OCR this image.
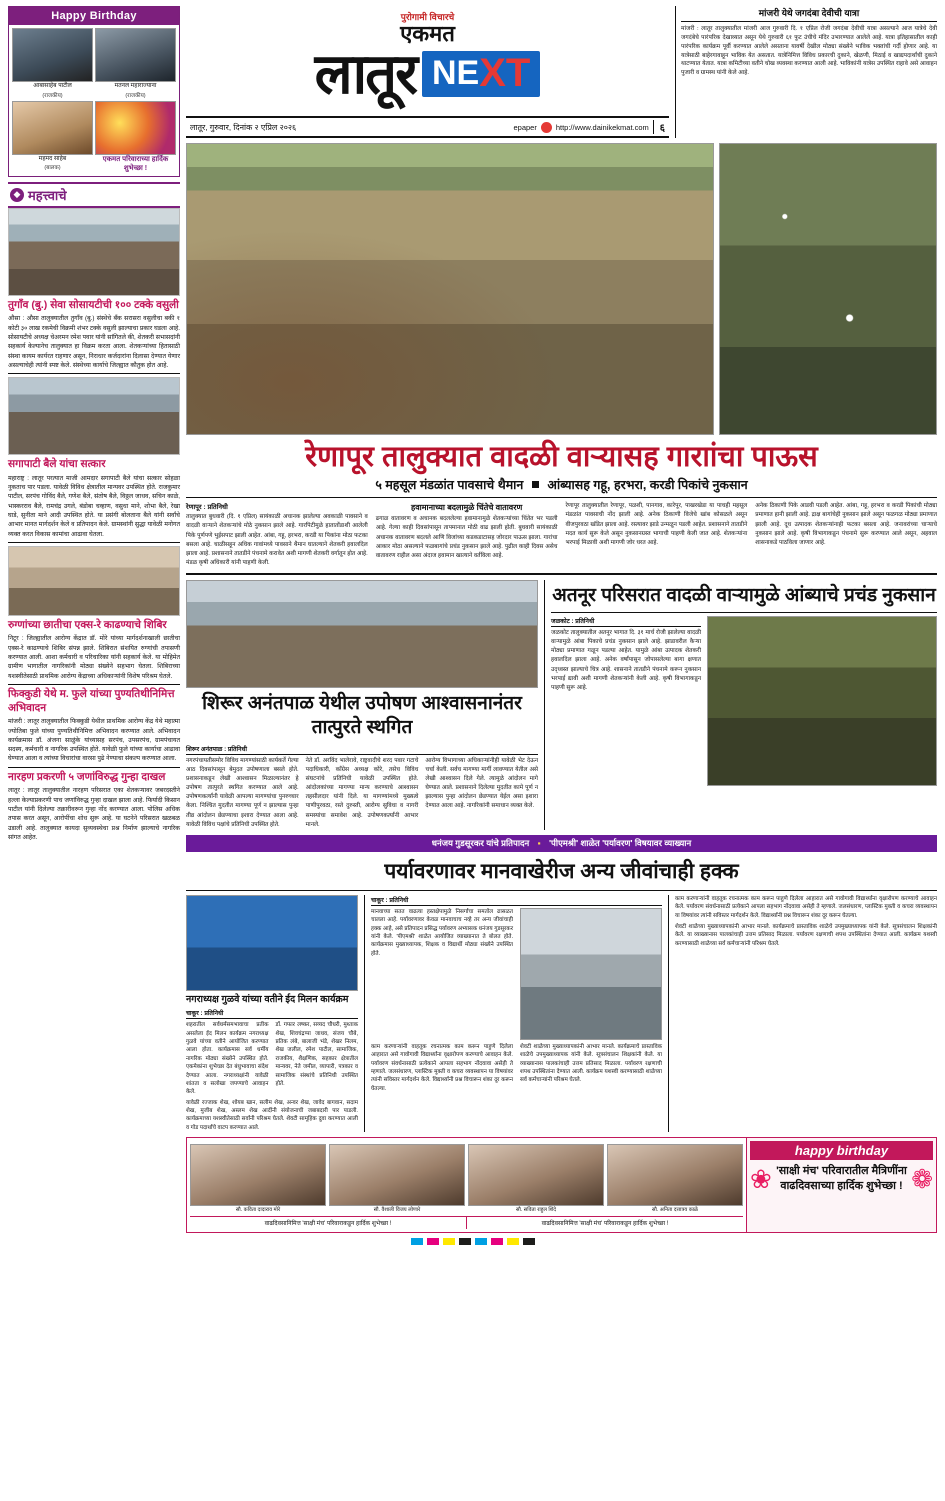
Happy Birthday
आबासाहेब पाटील
(राजकीय)
मतनल महाराज्याना
(राजकीय)
महमद साहेब
(बालक)
एकमत परिवाराच्या हार्दिक शुभेच्छा !
◆ महत्त्वाचे
तुगाँव (बु.) सेवा सोसायटीची १०० टक्के वसुली
औसा : औसा तालुक्यातील तुगाँव (बु.) संस्थेचे बँक सरासरा वसुलीचा बकी १ कोटी ३० लाख रकमेची विक्रमी शंभर टक्के वसुली झाल्याचा प्रकार घडला आहे. सोसायटीचे अध्यक्ष चेअरमन रमेश पवार यांनी सांगितले की, शेतकरी सभासदांनी सहकार्य केल्यानेच तालुक्यात हा विक्रम करता आला. शेतकऱ्यांच्या हितासाठी संस्था कायम कार्यरत राहणार असून, निराधार कर्जदारांना दिलासा देण्यात येणार असल्याचेही त्यांनी स्पष्ट केले. संस्थेच्या कार्याचे जिल्ह्यात कौतुक होत आहे.
सगापाटी बैले यांचा सत्कार
महाराष्ट्र : लातूर परत्यात माजी आमदार सगापाटी बैले यांचा सत्कार सोहळा नुकताच पार पडला. यावेळी विविध क्षेत्रातील मान्यवर उपस्थित होते. राजकुमार पाटील, सरपंच गोविंद बैले, गणेश बैले, संतोष बैले, विठ्ठल जाधव, सचिन काळे, भास्करराव बैले, रामचंद्र उगले, बंडोबा चव्हाण, वसुधा माने, शोभा बैले, रेखा घाडे, सुनीता माने आदी उपस्थित होते. या प्रसंगी बोलताना बैले यांनी सर्वांचे आभार मानत मार्गदर्शन केले व प्रतिपादन केले. ग्रामस्थांनी सुद्धा यावेळी मनोगत व्यक्त करत विकास कामांचा आढावा घेतला.
रुग्णांच्या छातीचा एक्स-रे काढण्याचे शिबिर
निटूर : जिल्ह्यातील आरोग्य केंद्रात डॉ. मोरे यांच्या मार्गदर्शनाखाली छातीचा एक्स-रे काढण्याचे शिबिर संपन्न झाले. शिबिरात संशयित रुग्णांची तपासणी करण्यात आली. आशा कर्मचारी व परिचारिका यांनी सहकार्य केले. या मोहिमेत ग्रामीण भागातील नागरिकांनी मोठ्या संख्येने सहभाग घेतला. शिबिराच्या यशस्वीतेसाठी प्राथमिक आरोग्य केंद्राच्या अधिकाऱ्यांनी विशेष परिश्रम घेतले.
फिक्कुडी येथे म. फुले यांच्या पुण्यतिथीनिमित्त अभिवादन
मांजरी : लातूर तालुक्यातील फिक्कुडी येथील प्राथमिक आरोग्य केंद्र येथे महात्मा ज्योतिबा फुले यांच्या पुण्यतिथीनिमित्त अभिवादन करण्यात आले. अभिवादन कार्यक्रमास डॉ. अंजना साळुंके यांच्यासह सरपंच, उपसरपंच, ग्रामपंचायत सदस्य, कर्मचारी व नागरिक उपस्थित होते. यावेळी फुले यांच्या कार्याचा आढावा घेण्यात आला व त्यांच्या विचारांचा वारसा पुढे नेण्याचा संकल्प करण्यात आला.
नारहण प्रकरणी ५ जणांविरुद्ध गुन्हा दाखल
लातूर : लातूर तालुक्यातील नारहण परिसरात एका शेतकऱ्यावर जबरदस्तीने हल्ला केल्याप्रकरणी पाच जणांविरुद्ध गुन्हा दाखल झाला आहे. फिर्यादी किसान पाटील यांनी दिलेल्या तक्रारीवरून गुन्हा नोंद करण्यात आला. पोलिस अधिक तपास करत असून, आरोपींचा शोध सुरू आहे. या घटनेने परिसरात खळबळ उडाली आहे. तालुक्यात कायदा सुव्यवस्थेचा प्रश्न निर्माण झाल्याचे नागरिक सांगत आहेत.
पुरोगामी विचारचे
एकमत
लातूर NE XT
लातूर, गुरुवार, दिनांक २ एप्रिल २०२६	epaper	http://www.dainikekmat.com	६
मांजरी येथे जगदंबा देवीची यात्रा
मांजरी : लातूर तालुक्यातील मांजरी आज गुरुवारी दि. १ एप्रिल रोजी जगदंबा देवीची यात्रा असल्याने आज यात्रेचे देवी जगदंबेचे पारंपरिक देखाव्यात असून येथे गुरुवारी ६१ फूट उंचीचे मंदिर उभारण्यात आलेले आहे. यात्रा इतिहासातील काही पारंपरिक कार्यक्रम पूर्वी करण्यात आलेले असताना यावर्षी देखील मोठ्या संख्येने भाविक भक्तांची गर्दी होणार आहे. या यात्रेसाठी बाहेरगावाहून भाविक येत असतात. यात्रेनिमित्त विविध प्रकारची दुकाने, खेळणी, मिठाई व खाद्यपदार्थांची दुकाने थाटण्यात येतात. यात्रा कमिटीच्या वतीने चोख व्यवस्था करण्यात आली आहे. भाविकांनी यात्रेस उपस्थित राहावे असे आवाहन पुजारी व ग्रामस्थ यांनी केले आहे.
रेणापूर तालुक्यात वादळी वाऱ्यासह गाराांचा पाऊस
५ महसूल मंडळांत पावसाचे थैमान आंब्यासह गहू, हरभरा, करडी पिकांचे नुकसान
रेणापूर : प्रतिनिधी
तालुक्यात बुधवारी (दि. १ एप्रिल) सायंकाळी अचानक झालेल्या अवकाळी पावसाने व वादळी वाऱ्याने शेतकऱ्यांचे मोठे नुकसान झाले आहे. गारपिटीमुळे हातातोंडाशी आलेली पिके पूर्णपणे भुईसपाट झाली आहेत. आंबा, गहू, हरभरा, करडी या पिकांना मोठा फटका बसला आहे. चाळीसहून अधिक गावांमध्ये पावसाने थैमान घातल्याने शेतकरी हवालदिल झाला आहे. प्रशासनाने तातडीने पंचनामे करावेत अशी मागणी शेतकरी वर्गातून होत आहे. मंडळ कृषी अधिकारी यांनी पाहणी केली.
हवामानाच्या बदलामुळे चिंतेचे वातावरण
ढगाळ वातावरण व अचानक बदललेल्या हवामानामुळे शेतकऱ्यांच्या चिंतेत भर पडली आहे. गेल्या काही दिवसांपासून तापमानात मोठी वाढ झाली होती. बुधवारी सायंकाळी अचानक वातावरण बदलले आणि विजांच्या कडकडाटासह जोरदार पाऊस झाला. गारांचा आकार मोठा असल्याने फळबागांचे प्रचंड नुकसान झाले आहे. पुढील काही दिवस असेच वातावरण राहील असा अंदाज हवामान खात्याने वर्तविला आहे.
रेणापूर तालुक्यातील रेणापूर, पळशी, पानगाव, कारेपूर, पाखरखेडा या पाचही महसूल मंडळांत पावसाची नोंद झाली आहे. अनेक ठिकाणी विजेचे खांब कोसळले असून वीजपुरवठा खंडित झाला आहे. रस्त्यावर झाडे उन्मळून पडली आहेत. प्रशासनाने तातडीने मदत कार्य सुरू केले असून नुकसानग्रस्त भागाची पाहणी केली जात आहे. शेतकऱ्यांना भरपाई मिळावी अशी मागणी जोर धरत आहे.
अनेक ठिकाणी पिके आडवी पडली आहेत. आंबा, गहू, हरभरा व करडी पिकांची मोठ्या प्रमाणात हानी झाली आहे. द्राक्ष बागांचेही नुकसान झाले असून फळगळ मोठ्या प्रमाणात झाली आहे. दूध उत्पादक शेतकऱ्यांनाही फटका बसला आहे. जनावरांच्या चाऱ्याचे नुकसान झाले आहे. कृषी विभागाकडून पंचनामे सुरू करण्यात आले असून, अहवाल शासनाकडे पाठविला जाणार आहे.
शिरूर अनंतपाळ येथील उपोषण आश्वासनानंतर तात्पुरते स्थगित
शिरूर अनंतपाळ : प्रतिनिधी
नगरपंचायतीसमोर विविध मागण्यांसाठी कार्यकर्ते गेल्या आठ दिवसांपासून बेमुदत उपोषणाला बसले होते. प्रशासनाकडून लेखी आश्वासन मिळाल्यानंतर हे उपोषण तात्पुरते स्थगित करण्यात आले आहे. उपोषणकर्त्यांनी यावेळी आपल्या मागण्यांचा पुनरुच्चार केला. निश्चित मुदतीत मागण्या पूर्ण न झाल्यास पुन्हा तीव्र आंदोलन छेडण्याचा इशारा देण्यात आला आहे. यावेळी विविध पक्षांचे प्रतिनिधी उपस्थित होते.
नेते डॉ. अरविंद भालेरावे, राष्ट्रवादीचे शरद पवार गटाचे पदाधिकारी, काँग्रेस अध्यक्ष कोरे, तसेच विविध संघटनांचे प्रतिनिधी यावेळी उपस्थित होते. आंदोलकांच्या मागण्या मान्य करण्याचे आश्वासन तहसीलदार यांनी दिले. या मागण्यांमध्ये मुख्यत्वे पाणीपुरवठा, रस्ते दुरुस्ती, आरोग्य सुविधा व नागरी समस्यांचा समावेश आहे. उपोषणकर्त्यांनी आभार मानले.
आरोग्य विभागाच्या अधिकाऱ्यांनीही यावेळी भेट देऊन चर्चा केली. सर्वच मागण्या मार्गी लावण्यात येतील असे लेखी आश्वासन दिले गेले. त्यामुळे आंदोलन मागे घेण्यात आले. प्रशासनाने दिलेल्या मुदतीत कामे पूर्ण न झाल्यास पुन्हा आंदोलन छेडण्यात येईल असा इशारा देण्यात आला आहे. नागरिकांनी समाधान व्यक्त केले.
अतनूर परिसरात वादळी वाऱ्यामुळे आंब्याचे प्रचंड नुकसान
जळकोट : प्रतिनिधी
जळकोट तालुक्यातील अतनूर भागात दि. ३१ मार्च रोजी झालेल्या वादळी वाऱ्यामुळे आंबा पिकाचे प्रचंड नुकसान झाले आहे. झाडावरील कैऱ्या मोठ्या प्रमाणात गळून पडल्या आहेत. यामुळे आंबा उत्पादक शेतकरी हवालदिल झाला आहे. अनेक वर्षांपासून जोपासलेल्या बागा क्षणात उद्ध्वस्त झाल्याचे चित्र आहे. शासनाने तातडीने पंचनामे करून नुकसान भरपाई द्यावी अशी मागणी शेतकऱ्यांनी केली आहे. कृषी विभागाकडून पाहणी सुरू आहे.
धनंजय गुडसूरकर यांचे प्रतिपादन ▪ 'पीएमश्री' शाळेत 'पर्यावरण' विषयावर व्याख्यान
पर्यावरणावर मानवाखेरीज अन्य जीवांचाही हक्क
नगराध्यक्ष गुळवे यांच्या वतीने ईद मिलन कार्यक्रम
चाकूर : प्रतिनिधी
शहरातील सर्वधर्मसमभावाचा प्रतीक असलेला ईद मिलन कार्यक्रम नगराध्यक्ष गुळवे यांच्या वतीने आयोजित करण्यात आला होता. कार्यक्रमास सर्व धर्मीय नागरिक मोठ्या संख्येने उपस्थित होते. एकमेकांना शुभेच्छा देत बंधुभावाचा संदेश देण्यात आला. नगराध्यक्षांनी यावेळी शांतता व सलोखा जपण्याचे आवाहन केले.
डॉ. गफार लष्कर, सय्यद चौधरी, मुश्ताक शेख, शिवचंद्रप्पा जाधव, संजय चौबे, प्रतिक लंबे, बालाजी भंडे, शेखर निलम, शेख जलील, रमेश पाटील, सामाजिक, राजकीय, शैक्षणिक, सहकार क्षेत्रातील मान्यवर, नेते जमील, व्यापारी, पत्रकार व सामाजिक संस्थांचे प्रतिनिधी उपस्थित होते.
यावेळी रज्जाक शेख, शोयब खान, सलीम शेख, अन्वर शेख, जावेद बागवान, सदाम शेख, मुजीब शेख, अस्लम शेख आदींनी संयोजनाची जबाबदारी पार पाडली. कार्यक्रमाच्या यशस्वीतेसाठी सर्वांनी परिश्रम घेतले. शेवटी सामूहिक दुवा करण्यात आली व गोड पदार्थांचे वाटप करण्यात आले.
चाकूर : प्रतिनिधी
मानवाच्या सतत वाढत्या हस्तक्षेपामुळे निसर्गाचा समतोल ढासळत चालला आहे. पर्यावरणावर केवळ मानवाचाच नव्हे तर अन्य जीवांचाही हक्क आहे, असे प्रतिपादन प्रसिद्ध पर्यावरण अभ्यासक धनंजय गुडसूरकर यांनी केले. 'पीएमश्री' शाळेत आयोजित व्याख्यानात ते बोलत होते. कार्यक्रमास मुख्याध्यापक, शिक्षक व विद्यार्थी मोठ्या संख्येने उपस्थित होते.
काम करणाऱ्यांनी वाहतूक रचनात्मक काम करून पाहुणे दिलेला आहारात असे गावोगावी विद्यार्थ्यांना वृक्षारोपण करण्याचे आवाहन केले. पर्यावरण संवर्धनासाठी प्रत्येकाने आपला सहभाग नोंदवावा असेही ते म्हणाले. जलसंधारण, प्लास्टिक मुक्ती व कचरा व्यवस्थापन या विषयांवर त्यांनी सविस्तर मार्गदर्शन केले. विद्यार्थ्यांनी प्रश्न विचारून शंका दूर करून घेतल्या.
शेवटी शाळेच्या मुख्याध्यापकांनी आभार मानले. कार्यक्रमाचे प्रास्ताविक शाळेचे उपमुख्याध्यापक यांनी केले. सूत्रसंचालन शिक्षकांनी केले. या व्याख्यानास पालकांचाही उत्तम प्रतिसाद मिळाला. पर्यावरण रक्षणाची शपथ उपस्थितांना देण्यात आली. कार्यक्रम यशस्वी करण्यासाठी शाळेच्या सर्व कर्मचाऱ्यांनी परिश्रम घेतले.
काम करणाऱ्यांनी वाहतूक रचनात्मक काम करून पाहुणे दिलेला आहारात असे गावोगावी विद्यार्थ्यांना वृक्षारोपण करण्याचे आवाहन केले. पर्यावरण संवर्धनासाठी प्रत्येकाने आपला सहभाग नोंदवावा असेही ते म्हणाले. जलसंधारण, प्लास्टिक मुक्ती व कचरा व्यवस्थापन या विषयांवर त्यांनी सविस्तर मार्गदर्शन केले. विद्यार्थ्यांनी प्रश्न विचारून शंका दूर करून घेतल्या.
शेवटी शाळेच्या मुख्याध्यापकांनी आभार मानले. कार्यक्रमाचे प्रास्ताविक शाळेचे उपमुख्याध्यापक यांनी केले. सूत्रसंचालन शिक्षकांनी केले. या व्याख्यानास पालकांचाही उत्तम प्रतिसाद मिळाला. पर्यावरण रक्षणाची शपथ उपस्थितांना देण्यात आली. कार्यक्रम यशस्वी करण्यासाठी शाळेच्या सर्व कर्मचाऱ्यांनी परिश्रम घेतले.
सौ. कविता दादाराव मोरे	सौ. वैशाली विजय लोणारे	सौ. सविता राहुल शिंदे	सौ. अनिता दत्तात्रय काळे
वाढदिवसानिमित्त 'साक्षी मंच' परिवाराकडून हार्दिक शुभेच्छा !	वाढदिवसानिमित्त 'साक्षी मंच' परिवाराकडून हार्दिक शुभेच्छा !
happy birthday
❀ 'साक्षी मंच' परिवारातील मैत्रिणींना वाढदिवसाच्या हार्दिक शुभेच्छा ! ❁
